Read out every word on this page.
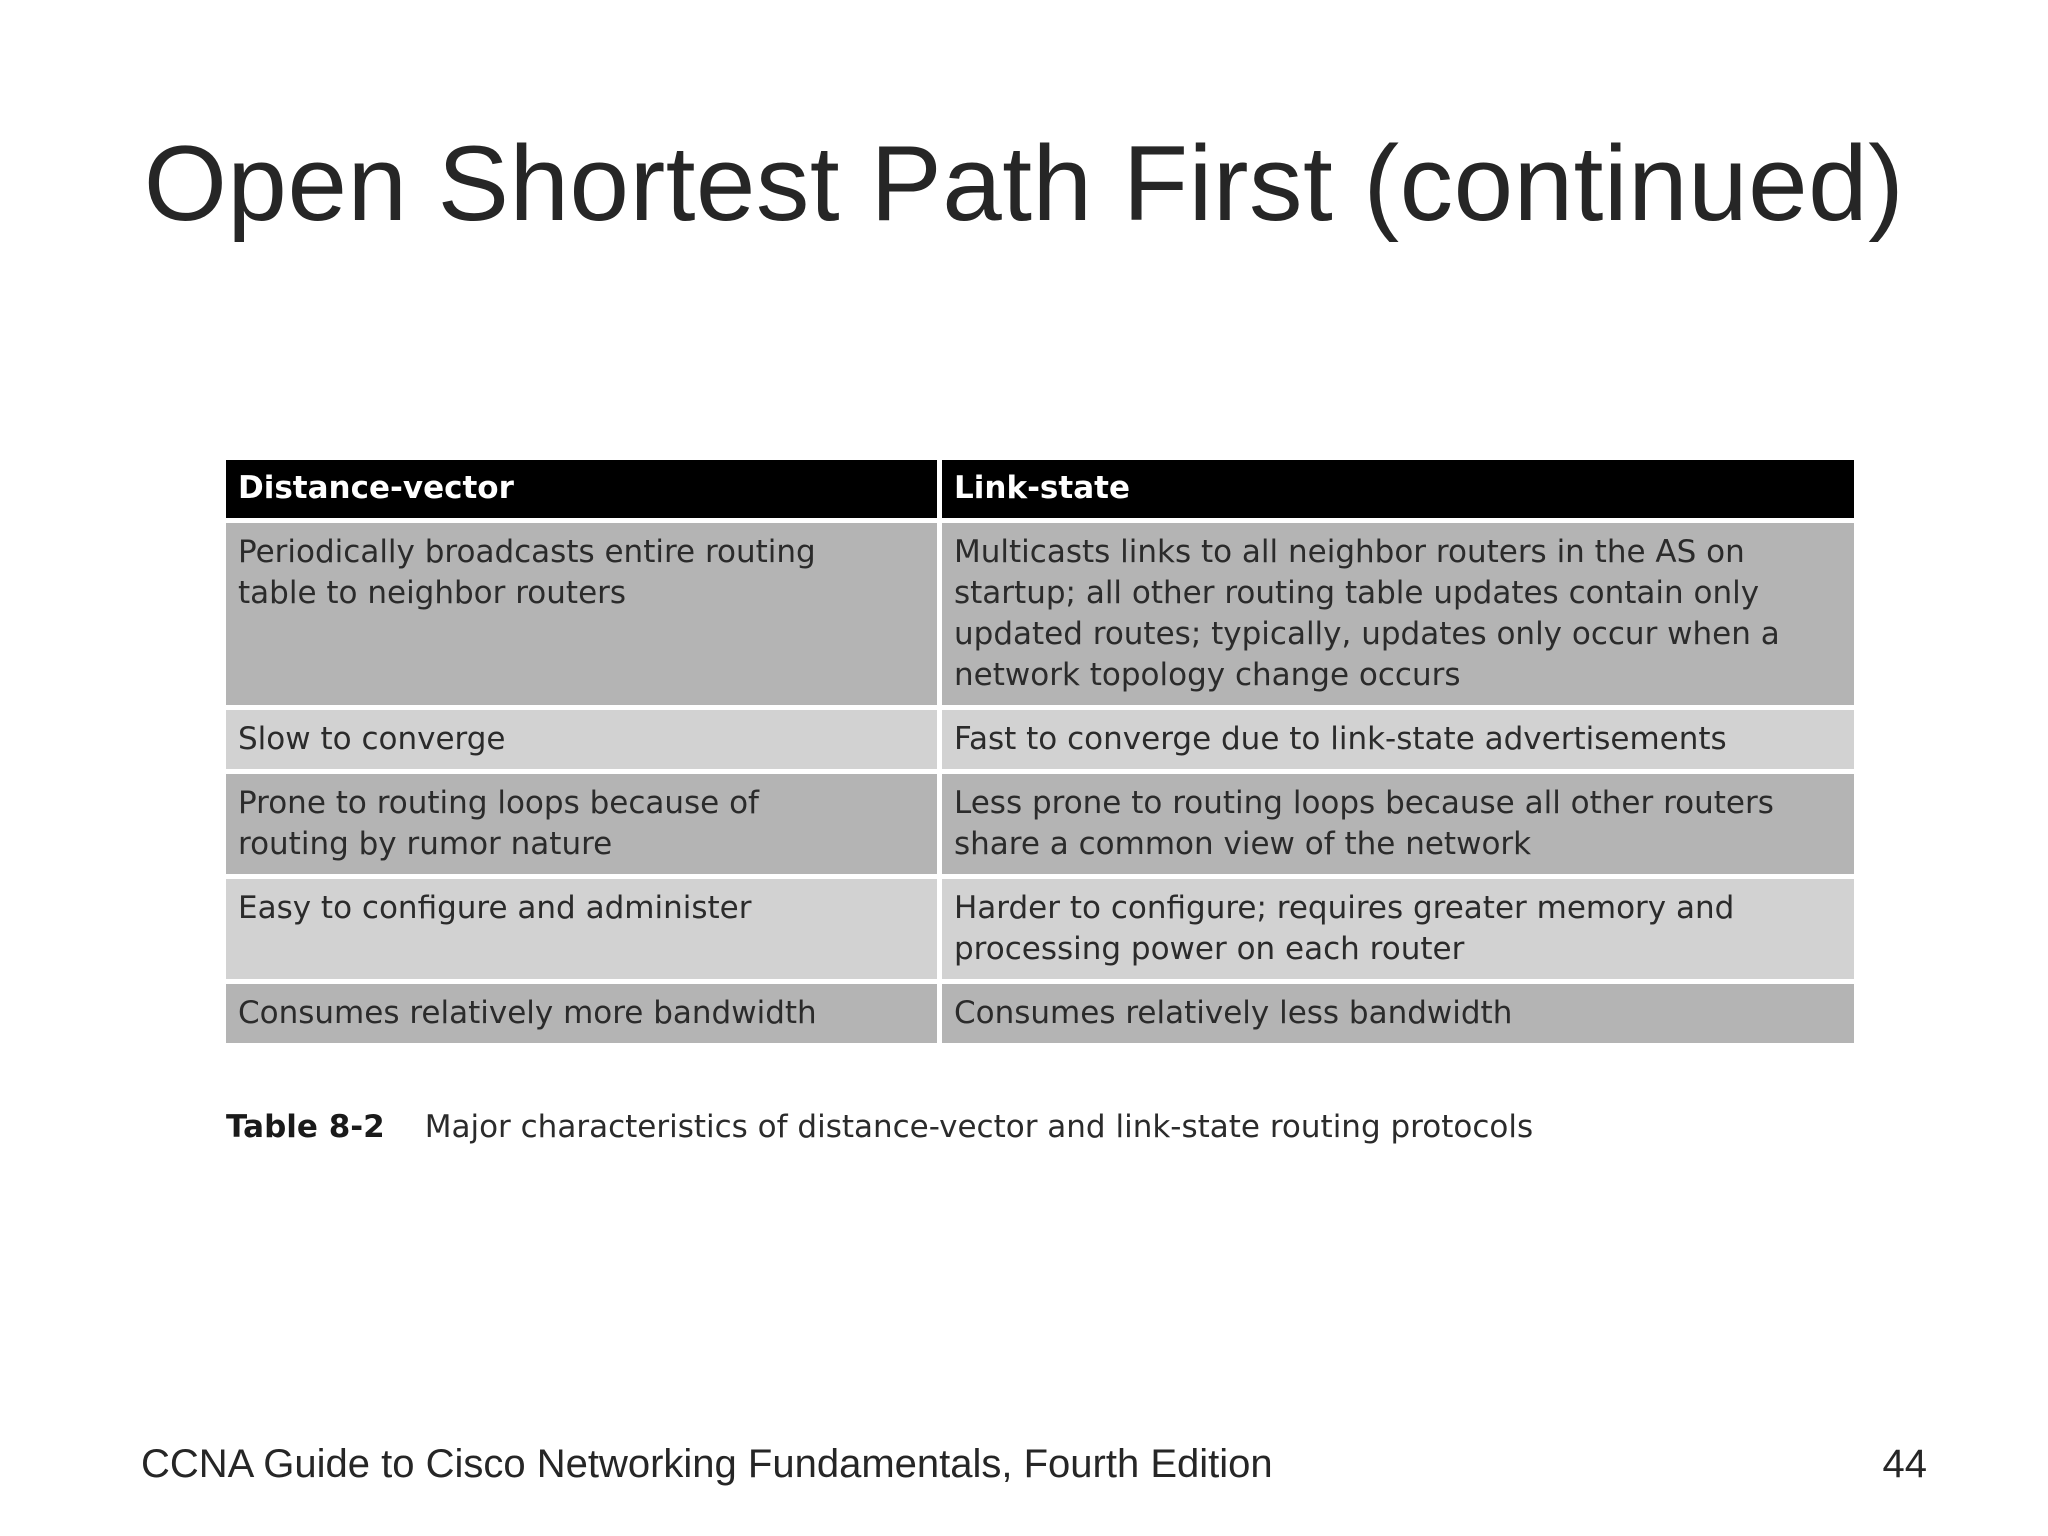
Open Shortest Path First (continued)
Distance-vector	Link-state
Periodically broadcasts entire routing table to neighbor routers	Multicasts links to all neighbor routers in the AS on startup; all other routing table updates contain only updated routes; typically, updates only occur when a network topology change occurs
Slow to converge	Fast to converge due to link-state advertisements
Prone to routing loops because of routing by rumor nature	Less prone to routing loops because all other routers share a common view of the network
Easy to configure and administer	Harder to configure; requires greater memory and processing power on each router
Consumes relatively more bandwidth	Consumes relatively less bandwidth
Table 8-2 Major characteristics of distance-vector and link-state routing protocols
CCNA Guide to Cisco Networking Fundamentals, Fourth Edition	44
